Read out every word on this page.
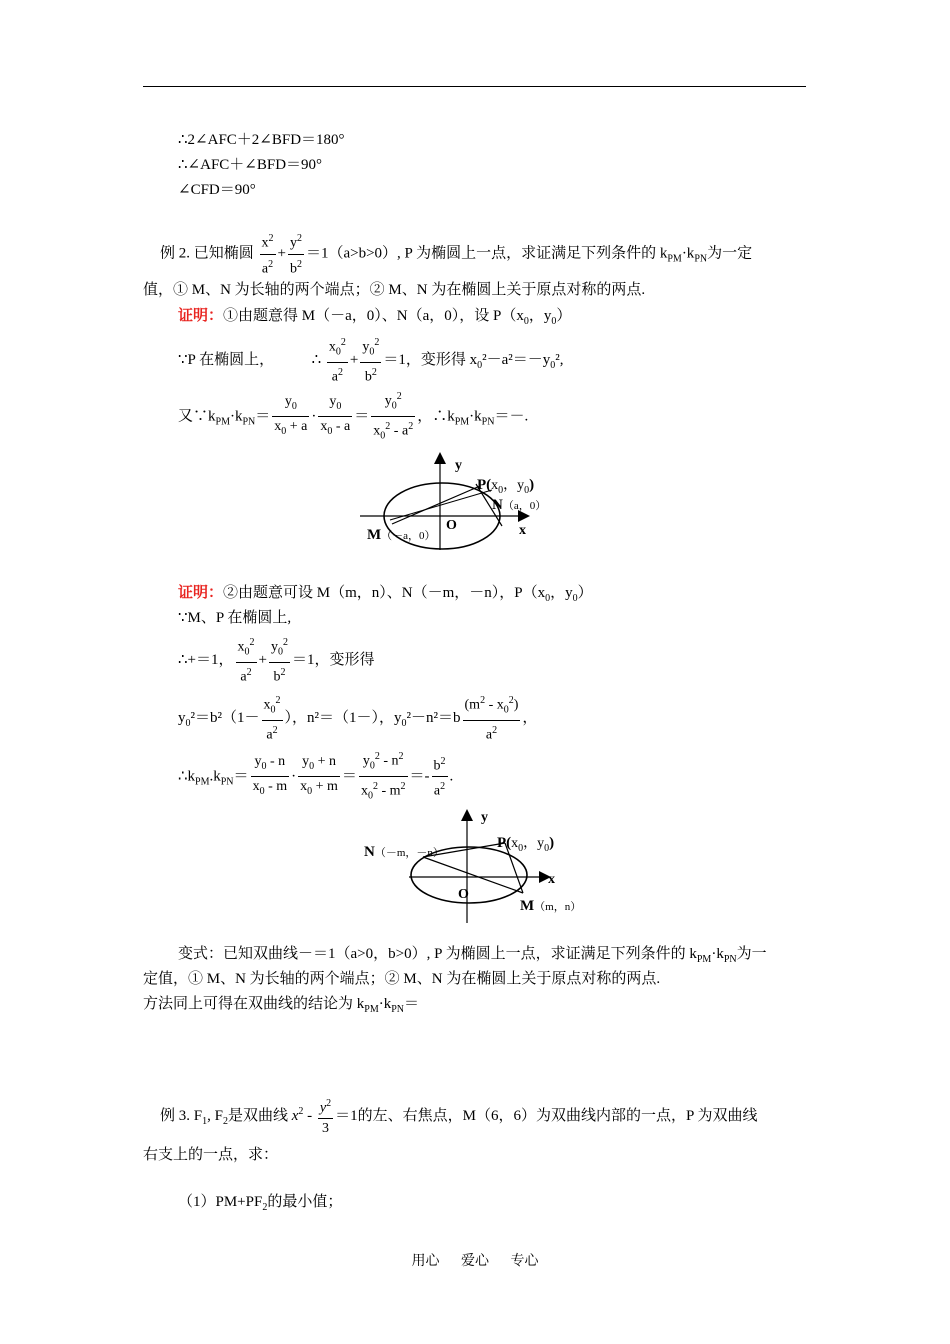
∴2∠AFC＋2∠BFD＝180°
∴∠AFC＋∠BFD＝90°
∠CFD＝90°
例 2. 已知椭圆 $\frac{x^2}{a^2} + \frac{y^2}{b^2} =1(a>b>0)$, P 为椭圆上一点，求证满足下列条件的 $k_{PM}\cdot k_{PN}$为一定
值，① M、N 为长轴的两个端点；② M、N 为在椭圆上关于原点对称的两点.
证明：①由题意得 M（－a，0）、N（a，0），设 $P(x_0$，$y_0$）
∵P 在椭圆上，	∴ $\frac{x_0^2}{a^2} + \frac{y_0^2}{b^2} =1$，变形得 $x_0^2-a^2=-y_0^2$,
又$\because k_{PM}\cdot k_{PN}= \frac{y_0}{x_0 + a} \cdot \frac{y_0}{x_0 - a} = \frac{y_0^2}{x_0^2 - a^2}$ ，$\therefore k_{PM}\cdot k_{PN}=-$.
y
$P(x_0$，$y_0$)
N（a，0）
O	x
M（－a，0）
证明：②由题意可设 M（m，n）、N（－m，－n），$P(x_0$，$y_0$）
∵M、P 在椭圆上,
∴+＝1， $\frac{x_0^2}{a^2} + \frac{y_0^2}{b^2} =1$，变形得
$y_0^2=b^2(1- \frac{x_0^2}{a^2}$ ），n²＝（1－），$y_0^2-n^2=b \frac{(m^2 - x_0^2)}{a^2}$ ，
$\therefore k_{PM}.k_{PN}= \frac{y_0 - n}{x_0 - m} \cdot \frac{y_0 + n}{x_0 + m} = \frac{y_0^2 - n^2}{x_0^2 - m^2} =- \frac{b^2}{a^2}$ .
y
$P(x_0$，$y_0$)
N（－m，－n）
x
O
M（m，n）
变式：已知双曲线－＝1（a>0，b>0）, P 为椭圆上一点，求证满足下列条件的 $k_{PM}\cdot k_{PN}$为一
定值，① M、N 为长轴的两个端点；② M、N 为在椭圆上关于原点对称的两点.
方法同上可得在双曲线的结论为 $k_{PM}\cdot k_{PN}=$
例 3. $F_1$, $F_2$是双曲线 $x^2 - \frac{y^2}{3} =1$的左、右焦点，M（6，6）为双曲线内部的一点，P 为双曲线
右支上的一点，求：
$(1)PM+PF_2$的最小值；
用心 爱心 专心
